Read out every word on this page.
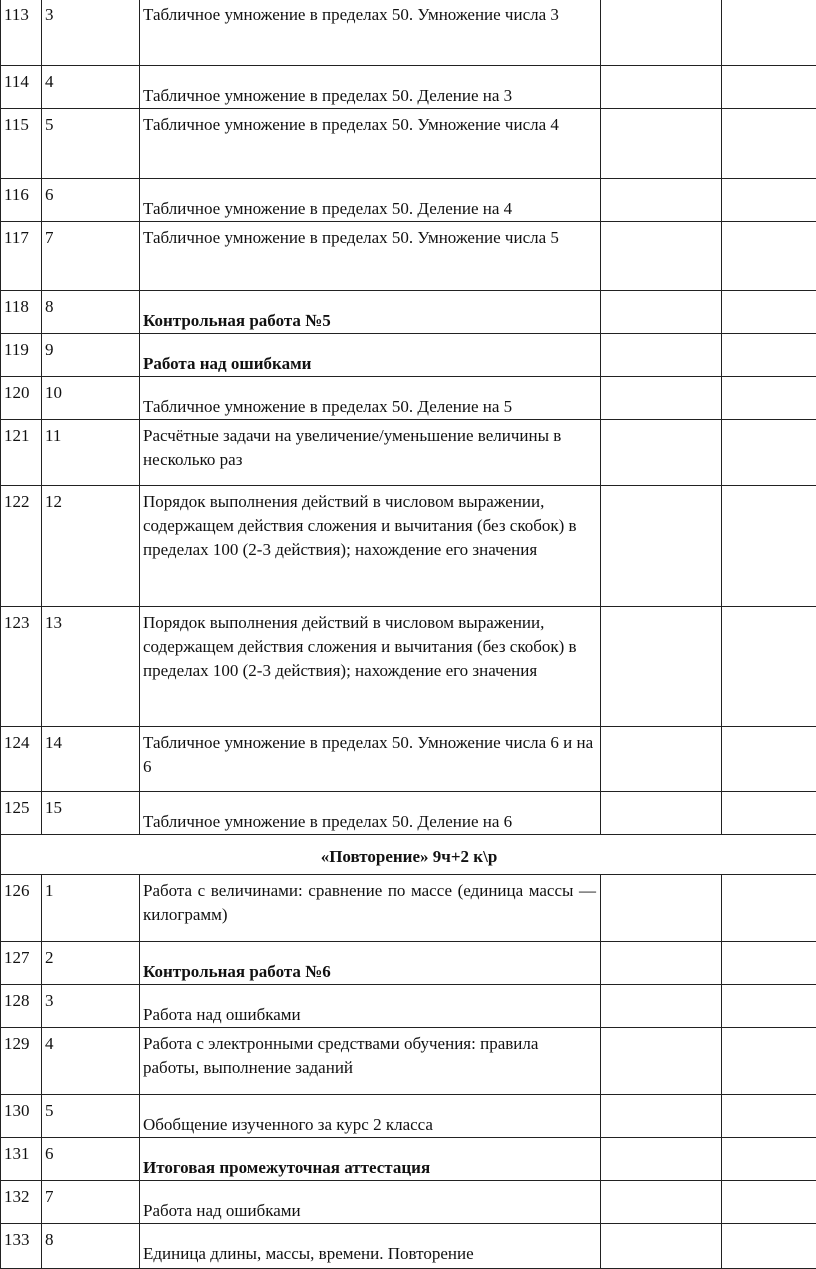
113	3	Табличное умножение в пределах 50. Умножение числа 3		
114	4	Табличное умножение в пределах 50. Деление на 3		
115	5	Табличное умножение в пределах 50. Умножение числа 4		
116	6	Табличное умножение в пределах 50. Деление на 4		
117	7	Табличное умножение в пределах 50. Умножение числа 5		
118	8	Контрольная работа №5		
119	9	Работа над ошибками		
120	10	Табличное умножение в пределах 50. Деление на 5		
121	11	Расчётные задачи на увеличение/уменьшение величины в несколько раз		
122	12	Порядок выполнения действий в числовом выражении, содержащем действия сложения и вычитания (без скобок) в пределах 100 (2-3 действия); нахождение его значения		
123	13	Порядок выполнения действий в числовом выражении, содержащем действия сложения и вычитания (без скобок) в пределах 100 (2-3 действия); нахождение его значения		
124	14	Табличное умножение в пределах 50. Умножение числа 6 и на 6		
125	15	Табличное умножение в пределах 50. Деление на 6		
«Повторение» 9ч+2 к\р				
126	1	Работа с величинами: сравнение по массе (единица массы — килограмм)		
127	2	Контрольная работа №6		
128	3	Работа над ошибками		
129	4	Работа с электронными средствами обучения: правила работы, выполнение заданий		
130	5	Обобщение изученного за курс 2 класса		
131	6	Итоговая промежуточная аттестация		
132	7	Работа над ошибками		
133	8	Единица длины, массы, времени. Повторение		
